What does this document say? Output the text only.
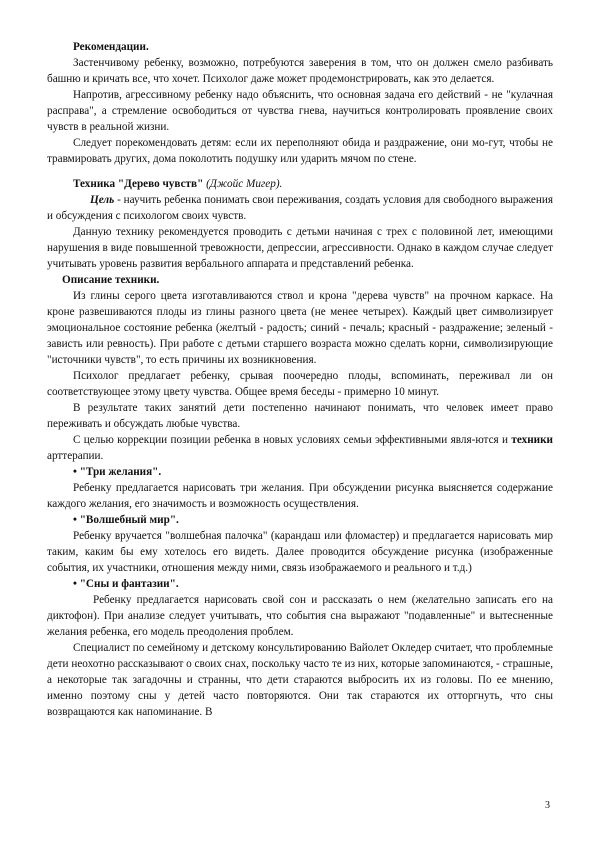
Рекомендации.

Застенчивому ребенку, возможно, потребуются заверения в том, что он должен смело разбивать башню и кричать все, что хочет. Психолог даже может продемонстрировать, как это делается.

Напротив, агрессивному ребенку надо объяснить, что основная задача его действий - не "кулачная расправа", а стремление освободиться от чувства гнева, научиться контролировать проявление своих чувств в реальной жизни.

Следует порекомендовать детям: если их переполняют обида и раздражение, они мо-гут, чтобы не травмировать других, дома поколотить подушку или ударить мячом по стене.

Техника "Дерево чувств" (Джойс Мигер).

Цель - научить ребенка понимать свои переживания, создать условия для свободного выражения и обсуждения с психологом своих чувств.

Данную технику рекомендуется проводить с детьми начиная с трех с половиной лет, имеющими нарушения в виде повышенной тревожности, депрессии, агрессивности. Однако в каждом случае следует учитывать уровень развития вербального аппарата и представлений ребенка.

Описание техники.

Из глины серого цвета изготавливаются ствол и крона "дерева чувств" на прочном каркасе. На кроне развешиваются плоды из глины разного цвета (не менее четырех). Каждый цвет символизирует эмоциональное состояние ребенка (желтый - радость; синий - печаль; красный - раздражение; зеленый - зависть или ревность). При работе с детьми старшего возраста можно сделать корни, символизирующие "источники чувств", то есть причины их возникновения.

Психолог предлагает ребенку, срывая поочередно плоды, вспоминать, переживал ли он соответствующее этому цвету чувства. Общее время беседы - примерно 10 минут.

В результате таких занятий дети постепенно начинают понимать, что человек имеет право переживать и обсуждать любые чувства.

С целью коррекции позиции ребенка в новых условиях семьи эффективными явля-ются и техники арттерапии.

• "Три желания".

Ребенку предлагается нарисовать три желания. При обсуждении рисунка выясняется содержание каждого желания, его значимость и возможность осуществления.

• "Волшебный мир".

Ребенку вручается "волшебная палочка" (карандаш или фломастер) и предлагается нарисовать мир таким, каким бы ему хотелось его видеть. Далее проводится обсуждение рисунка (изображенные события, их участники, отношения между ними, связь изображаемого и реального и т.д.)

• "Сны и фантазии".

Ребенку предлагается нарисовать свой сон и рассказать о нем (желательно записать его на диктофон). При анализе следует учитывать, что события сна выражают "подавленные" и вытесненные желания ребенка, его модель преодоления проблем.

Специалист по семейному и детскому консультированию Вайолет Окледер считает, что проблемные дети неохотно рассказывают о своих снах, поскольку часто те из них, которые запоминаются, - страшные, а некоторые так загадочны и странны, что дети стараются выбросить их из головы. По ее мнению, именно поэтому сны у детей часто повторяются. Они так стараются их отторгнуть, что сны возвращаются как напоминание. В

3
